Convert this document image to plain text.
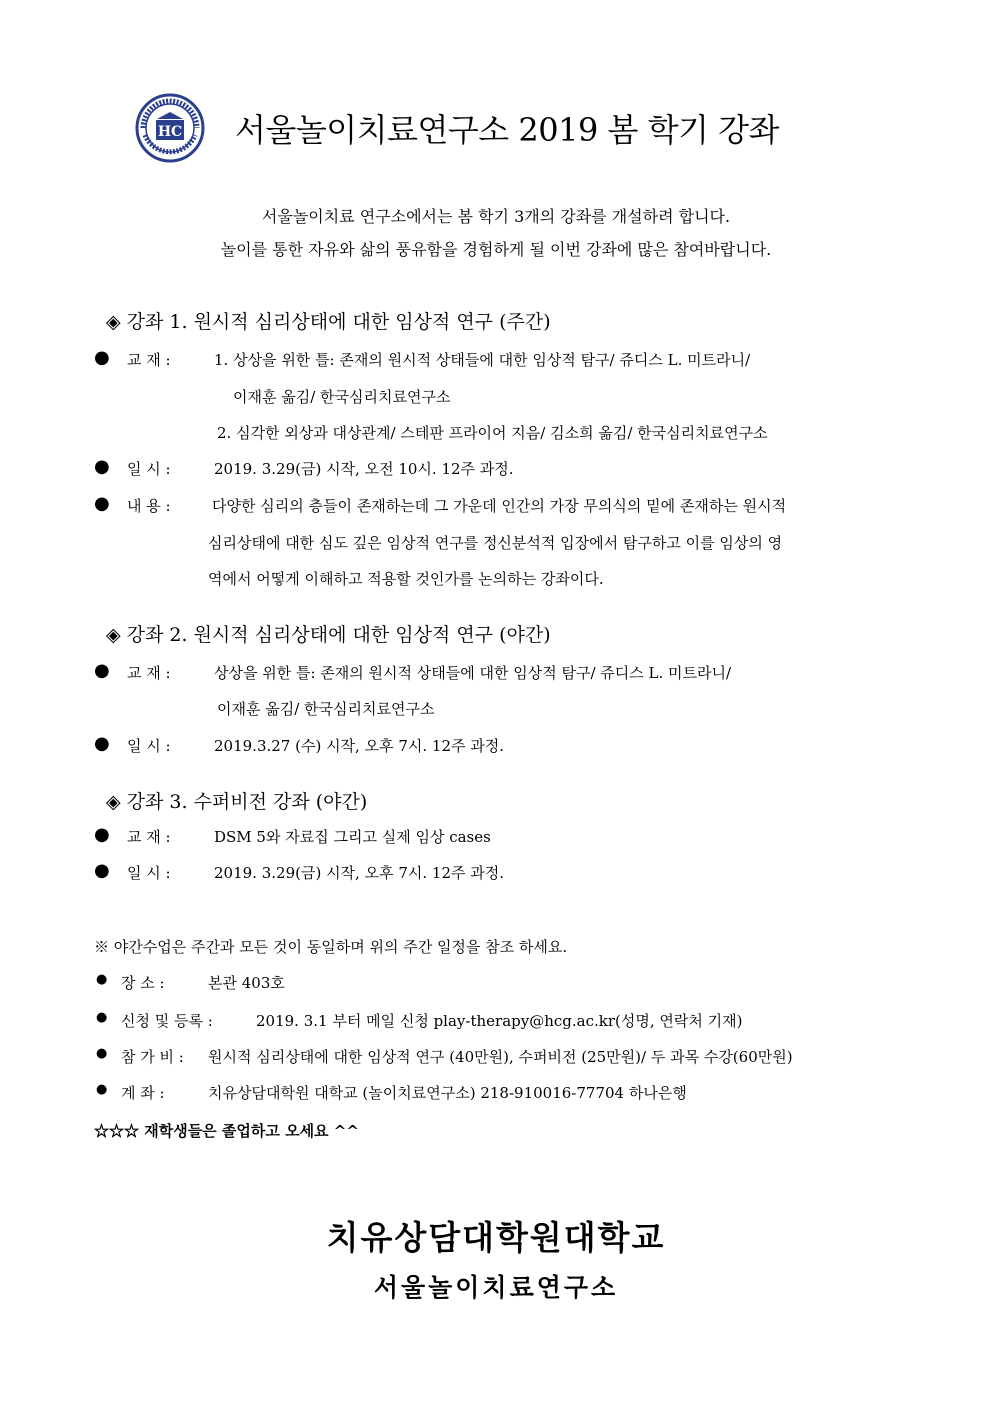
HC 서울놀이치료연구소 2019 봄 학기 강좌
서울놀이치료 연구소에서는 봄 학기 3개의 강좌를 개설하려 합니다.
놀이를 통한 자유와 삶의 풍유함을 경험하게 될 이번 강좌에 많은 참여바랍니다.
◈ 강좌 1. 원시적 심리상태에 대한 임상적 연구 (주간)
● 교 재 :	1. 상상을 위한 틀: 존재의 원시적 상태들에 대한 임상적 탐구/ 쥬디스 L. 미트라니/
이재훈 옮김/ 한국심리치료연구소
2. 심각한 외상과 대상관계/ 스테판 프라이어 지음/ 김소희 옮김/ 한국심리치료연구소
● 일 시 :	2019. 3.29(금) 시작, 오전 10시. 12주 과정.
● 내 용 :	다양한 심리의 층들이 존재하는데 그 가운데 인간의 가장 무의식의 밑에 존재하는 원시적
심리상태에 대한 심도 깊은 임상적 연구를 정신분석적 입장에서 탐구하고 이를 임상의 영
역에서 어떻게 이해하고 적용할 것인가를 논의하는 강좌이다.
◈ 강좌 2. 원시적 심리상태에 대한 임상적 연구 (야간)
● 교 재 :	상상을 위한 틀: 존재의 원시적 상태들에 대한 임상적 탐구/ 쥬디스 L. 미트라니/
이재훈 옮김/ 한국심리치료연구소
● 일 시 :	2019.3.27 (수) 시작, 오후 7시. 12주 과정.
◈ 강좌 3. 수퍼비전 강좌 (야간)
● 교 재 :	DSM 5와 자료집 그리고 실제 임상 cases
● 일 시 :	2019. 3.29(금) 시작, 오후 7시. 12주 과정.
※ 야간수업은 주간과 모든 것이 동일하며 위의 주간 일정을 참조 하세요.
● 장 소 :	본관 403호
● 신청 및 등록 :	2019. 3.1 부터 메일 신청 play-therapy@hcg.ac.kr(성명, 연락처 기재)
● 참 가 비 : 원시적 심리상태에 대한 임상적 연구 (40만원), 수퍼비전 (25만원)/ 두 과목 수강(60만원)
● 계 좌 :	치유상담대학원 대학교 (놀이치료연구소) 218-910016-77704 하나은행
☆☆☆ 재학생들은 졸업하고 오세요 ^^
치유상담대학원대학교
서울놀이치료연구소
